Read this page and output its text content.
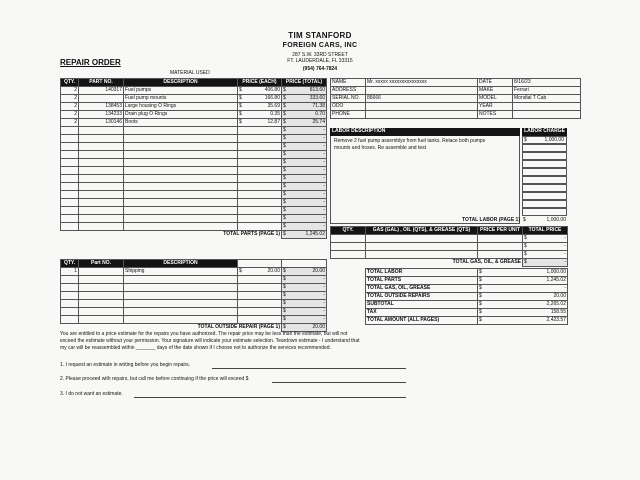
TIM STANFORD
FOREIGN CARS, INC
287 S.W. 33RD STREET
FT. LAUDERDALE, FL 33315
(954) 764-7824
REPAIR ORDER
MATERIAL USED
QTY.	PART NO.	DESCRIPTION	PRICE (EACH)	PRICE (TOTAL)
2	140317	Fuel pumps	$ 406.80	$ 813.60

2		Fuel pump mounts	$ 166.80	$ 333.60

2	138453	Large housing O Rings	$ 35.69	$ 71.38

2	134233	Drain plug O Rings	$ 0.35	$ 0.70

2	130146	Boots	$ 12.87	$ 25.74

				$ -

				$ -

				$ -

				$ -

				$ -

				$ -

				$ -

				$ -

				$ -

				$ -

				$ -

				$ -

				$ -

TOTAL PARTS (PAGE 1)				$ 1,245.02
QTY.	Part NO.	DESCRIPTION		
1		Shipping	$ 20.00	$ 20.00

				$ -

				$ -

				$ -

				$ -

				$ -

				$ -

TOTAL OUTSIDE REPAIR (PAGE 1)				$ 20.00
NAME	Mr. xxxxx xxxxxxxxxxxxxxx	DATE	8/16/23
ADDRESS		MAKE	Ferrari
SERIAL NO.	86666	MODEL	Mondial T Cab
ODO		YEAR	
PHONE		NOTES	
LABOR DESCRIPTION	LABOR CHARGE
Remove 2 fuel pump assemblys from fuel tanks. Relace both pumps
mounts and hoses. Re assemble and test
$	1,000.00
TOTAL LABOR (PAGE 1) $	1,000.00
QTY.	GAS (GAL) , OIL (QTS), & GREASE (QTS)	PRICE PER UNIT	TOTAL PRICE

			$ -

			$ -

			$ -

TOTAL GAS, OIL, & GREASE			$ -
TOTAL LABOR	$ 1,000.00

TOTAL PARTS	$ 1,245.02

TOTAL GAS, OIL, GREASE	$ -

TOTAL OUTSIDE REPAIRS	$ 20.00

SUBTOTAL	$ 2,265.02

TAX	$ 158.55

TOTAL AMOUNT (ALL PAGES)	$ 2,423.57
You are entitled to a price estimate for the repairs you have authorized. The repair price may be less than the estimate, but will not
exceed the estimate without your permission. Your signature will indicate your estimate selection. Teardown estimate - I understand that
my car will be reassembled within _______ days of the date shown if I choose not to authorize the services recommended.
1. I request an estimate in writing before you begin repairs.
2. Please proceed with repairs, but call me before continuing if the price will exceed $
3. I do not want an estimate.
